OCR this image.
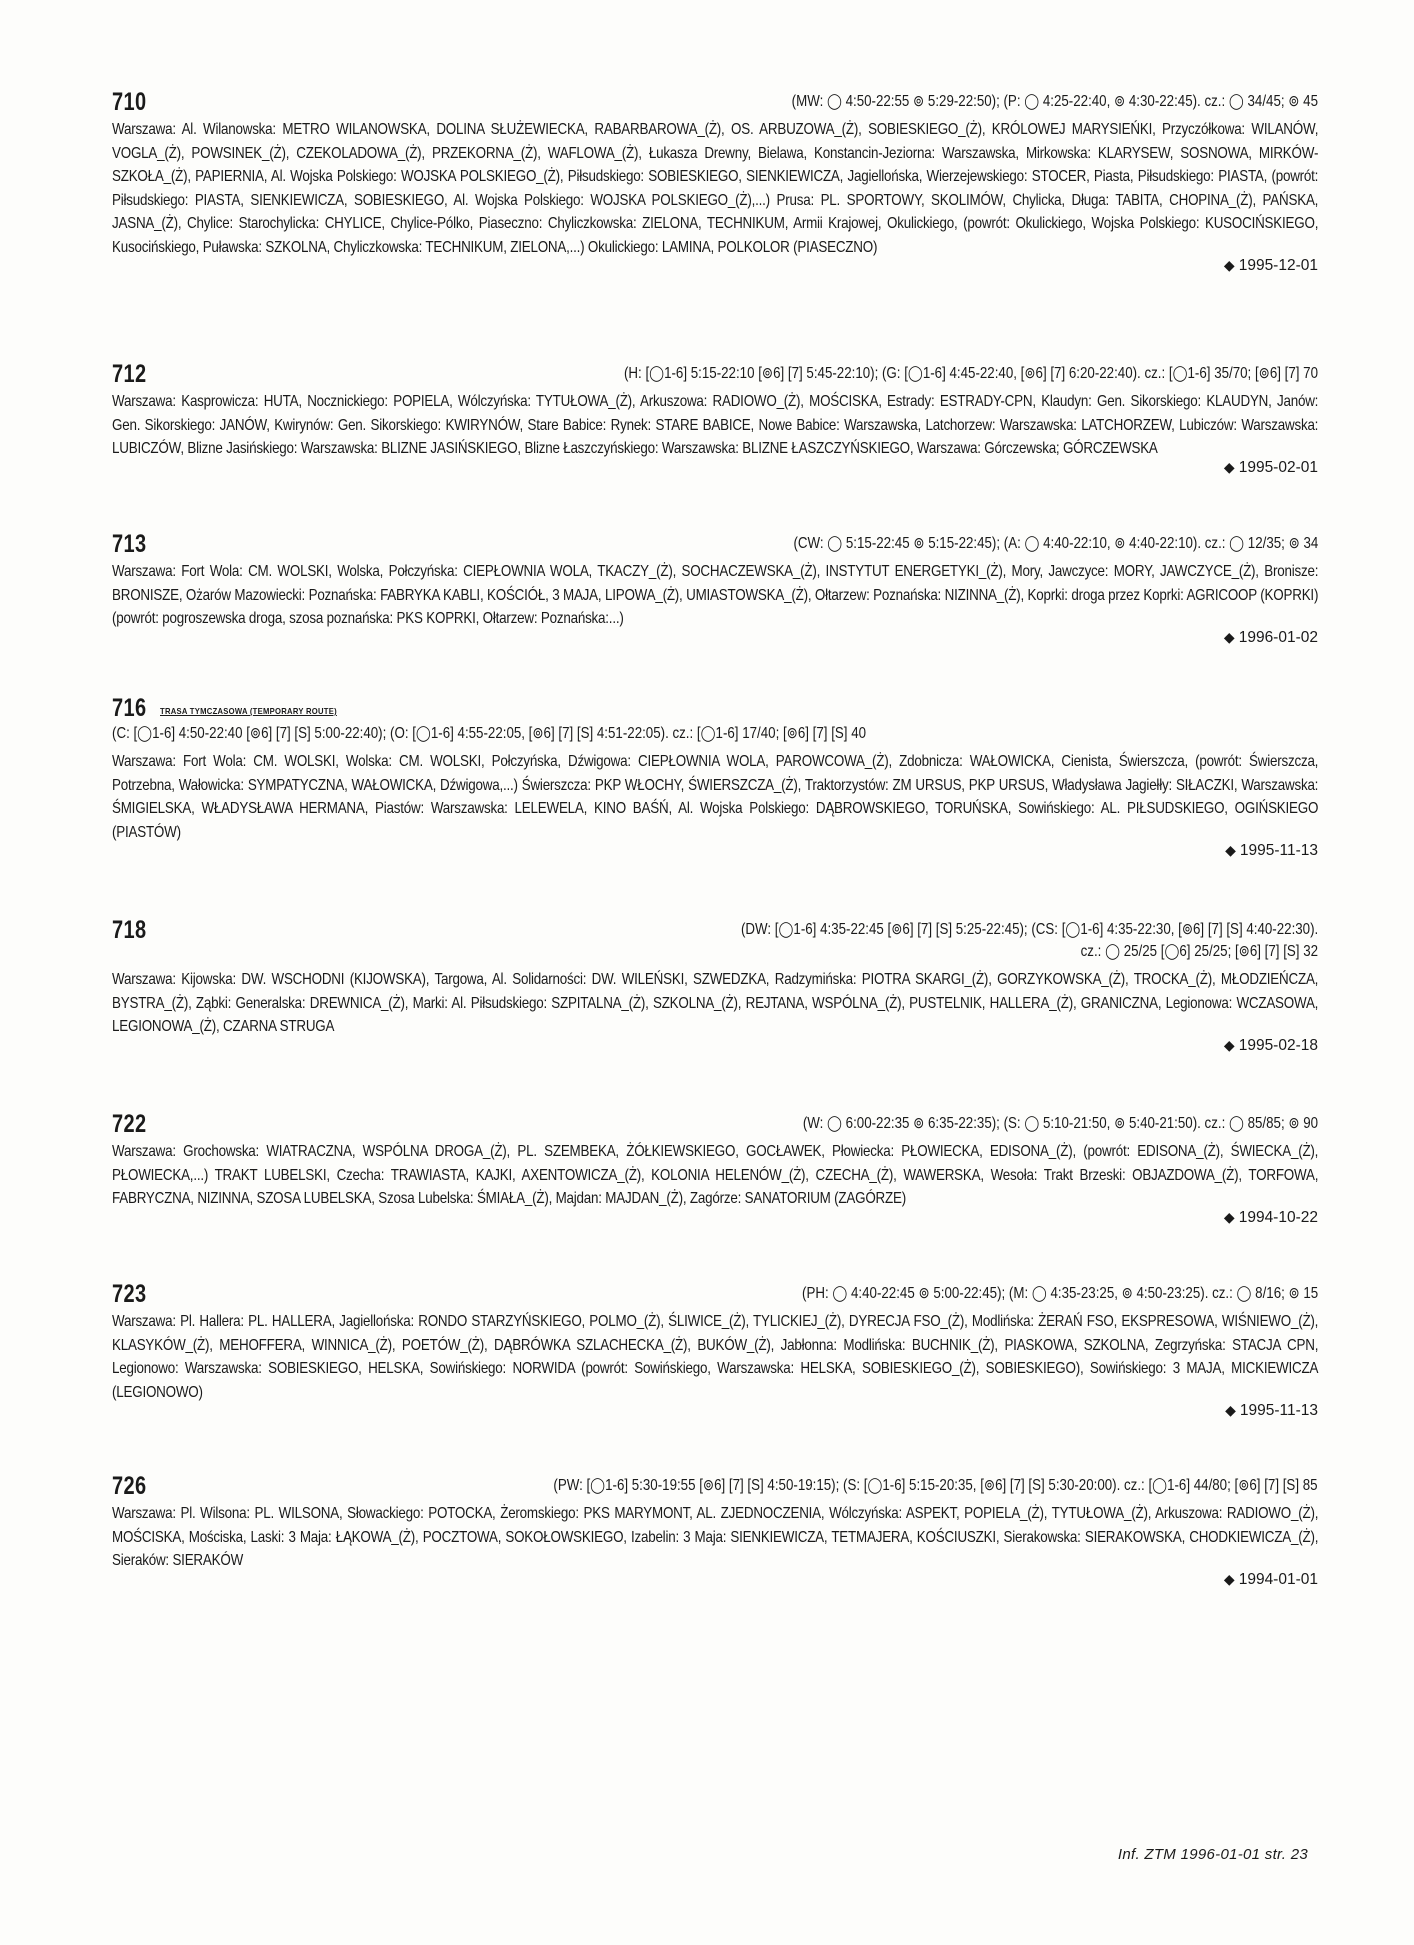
710	(MW: ◯ 4:50-22:55 ⊚ 5:29-22:50); (P: ◯ 4:25-22:40, ⊚ 4:30-22:45). cz.: ◯ 34/45; ⊚ 45
Warszawa: Al. Wilanowska: METRO WILANOWSKA, DOLINA SŁUŻEWIECKA, RABARBAROWA_(Ż), OS. ARBUZOWA_(Ż), SOBIESKIEGO_(Ż), KRÓLOWEJ MARYSIEŃKI, Przyczółkowa: WILANÓW, VOGLA_(Ż), POWSINEK_(Ż), CZEKOLADOWA_(Ż), PRZEKORNA_(Ż), WAFLOWA_(Ż), Łukasza Drewny, Bielawa, Konstancin-Jeziorna: Warszawska, Mirkowska: KLARYSEW, SOSNOWA, MIRKÓW-SZKOŁA_(Ż), PAPIERNIA, Al. Wojska Polskiego: WOJSKA POLSKIEGO_(Ż), Piłsudskiego: SOBIESKIEGO, SIENKIEWICZA, Jagiellońska, Wierzejewskiego: STOCER, Piasta, Piłsudskiego: PIASTA, (powrót: Piłsudskiego: PIASTA, SIENKIEWICZA, SOBIESKIEGO, Al. Wojska Polskiego: WOJSKA POLSKIEGO_(Ż),...) Prusa: PL. SPORTOWY, SKOLIMÓW, Chylicka, Długa: TABITA, CHOPINA_(Ż), PAŃSKA, JASNA_(Ż), Chylice: Starochylicka: CHYLICE, Chylice-Pólko, Piaseczno: Chyliczkowska: ZIELONA, TECHNIKUM, Armii Krajowej, Okulickiego, (powrót: Okulickiego, Wojska Polskiego: KUSOCIŃSKIEGO, Kusocińskiego, Puławska: SZKOLNA, Chyliczkowska: TECHNIKUM, ZIELONA,...) Okulickiego: LAMINA, POLKOLOR (PIASECZNO)
◆ 1995-12-01
712	(H: [◯1-6] 5:15-22:10 [⊚6] [7] 5:45-22:10); (G: [◯1-6] 4:45-22:40, [⊚6] [7] 6:20-22:40). cz.: [◯1-6] 35/70; [⊚6] [7] 70
Warszawa: Kasprowicza: HUTA, Nocznickiego: POPIELA, Wólczyńska: TYTUŁOWA_(Ż), Arkuszowa: RADIOWO_(Ż), MOŚCISKA, Estrady: ESTRADY-CPN, Klaudyn: Gen. Sikorskiego: KLAUDYN, Janów: Gen. Sikorskiego: JANÓW, Kwirynów: Gen. Sikorskiego: KWIRYNÓW, Stare Babice: Rynek: STARE BABICE, Nowe Babice: Warszawska, Latchorzew: Warszawska: LATCHORZEW, Lubiczów: Warszawska: LUBICZÓW, Blizne Jasińskiego: Warszawska: BLIZNE JASIŃSKIEGO, Blizne Łaszczyńskiego: Warszawska: BLIZNE ŁASZCZYŃSKIEGO, Warszawa: Górczewska; GÓRCZEWSKA
◆ 1995-02-01
713	(CW: ◯ 5:15-22:45 ⊚ 5:15-22:45); (A: ◯ 4:40-22:10, ⊚ 4:40-22:10). cz.: ◯ 12/35; ⊚ 34
Warszawa: Fort Wola: CM. WOLSKI, Wolska, Połczyńska: CIEPŁOWNIA WOLA, TKACZY_(Ż), SOCHACZEWSKA_(Ż), INSTYTUT ENERGETYKI_(Ż), Mory, Jawczyce: MORY, JAWCZYCE_(Ż), Bronisze: BRONISZE, Ożarów Mazowiecki: Poznańska: FABRYKA KABLI, KOŚCIÓŁ, 3 MAJA, LIPOWA_(Ż), UMIASTOWSKA_(Ż), Ołtarzew: Poznańska: NIZINNA_(Ż), Koprki: droga przez Koprki: AGRICOOP (KOPRKI) (powrót: pogroszewska droga, szosa poznańska: PKS KOPRKI, Ołtarzew: Poznańska:...)
◆ 1996-01-02
716 TRASA TYMCZASOWA (TEMPORARY ROUTE)
(C: [◯1-6] 4:50-22:40 [⊚6] [7] [S] 5:00-22:40); (O: [◯1-6] 4:55-22:05, [⊚6] [7] [S] 4:51-22:05). cz.: [◯1-6] 17/40; [⊚6] [7] [S] 40
Warszawa: Fort Wola: CM. WOLSKI, Wolska: CM. WOLSKI, Połczyńska, Dźwigowa: CIEPŁOWNIA WOLA, PAROWCOWA_(Ż), Zdobnicza: WAŁOWICKA, Cienista, Świerszcza, (powrót: Świerszcza, Potrzebna, Wałowicka: SYMPATYCZNA, WAŁOWICKA, Dźwigowa,...) Świerszcza: PKP WŁOCHY, ŚWIERSZCZA_(Ż), Traktorzystów: ZM URSUS, PKP URSUS, Władysława Jagiełły: SIŁACZKI, Warszawska: ŚMIGIELSKA, WŁADYSŁAWA HERMANA, Piastów: Warszawska: LELEWELA, KINO BAŚŃ, Al. Wojska Polskiego: DĄBROWSKIEGO, TORUŃSKA, Sowińskiego: AL. PIŁSUDSKIEGO, OGIŃSKIEGO (PIASTÓW)
◆ 1995-11-13
718	(DW: [◯1-6] 4:35-22:45 [⊚6] [7] [S] 5:25-22:45); (CS: [◯1-6] 4:35-22:30, [⊚6] [7] [S] 4:40-22:30).
cz.: ◯ 25/25 [◯6] 25/25; [⊚6] [7] [S] 32
Warszawa: Kijowska: DW. WSCHODNI (KIJOWSKA), Targowa, Al. Solidarności: DW. WILEŃSKI, SZWEDZKA, Radzymińska: PIOTRA SKARGI_(Ż), GORZYKOWSKA_(Ż), TROCKA_(Ż), MŁODZIEŃCZA, BYSTRA_(Ż), Ząbki: Generalska: DREWNICA_(Ż), Marki: Al. Piłsudskiego: SZPITALNA_(Ż), SZKOLNA_(Ż), REJTANA, WSPÓLNA_(Ż), PUSTELNIK, HALLERA_(Ż), GRANICZNA, Legionowa: WCZASOWA, LEGIONOWA_(Ż), CZARNA STRUGA
◆ 1995-02-18
722	(W: ◯ 6:00-22:35 ⊚ 6:35-22:35); (S: ◯ 5:10-21:50, ⊚ 5:40-21:50). cz.: ◯ 85/85; ⊚ 90
Warszawa: Grochowska: WIATRACZNA, WSPÓLNA DROGA_(Ż), PL. SZEMBEKA, ŻÓŁKIEWSKIEGO, GOCŁAWEK, Płowiecka: PŁOWIECKA, EDISONA_(Ż), (powrót: EDISONA_(Ż), ŚWIECKA_(Ż), PŁOWIECKA,...) TRAKT LUBELSKI, Czecha: TRAWIASTA, KAJKI, AXENTOWICZA_(Ż), KOLONIA HELENÓW_(Ż), CZECHA_(Ż), WAWERSKA, Wesoła: Trakt Brzeski: OBJAZDOWA_(Ż), TORFOWA, FABRYCZNA, NIZINNA, SZOSA LUBELSKA, Szosa Lubelska: ŚMIAŁA_(Ż), Majdan: MAJDAN_(Ż), Zagórze: SANATORIUM (ZAGÓRZE)
◆ 1994-10-22
723	(PH: ◯ 4:40-22:45 ⊚ 5:00-22:45); (M: ◯ 4:35-23:25, ⊚ 4:50-23:25). cz.: ◯ 8/16; ⊚ 15
Warszawa: Pl. Hallera: PL. HALLERA, Jagiellońska: RONDO STARZYŃSKIEGO, POLMO_(Ż), ŚLIWICE_(Ż), TYLICKIEJ_(Ż), DYRECJA FSO_(Ż), Modlińska: ŻERAŃ FSO, EKSPRESOWA, WIŚNIEWO_(Ż), KLASYKÓW_(Ż), MEHOFFERA, WINNICA_(Ż), POETÓW_(Ż), DĄBRÓWKA SZLACHECKA_(Ż), BUKÓW_(Ż), Jabłonna: Modlińska: BUCHNIK_(Ż), PIASKOWA, SZKOLNA, Zegrzyńska: STACJA CPN, Legionowo: Warszawska: SOBIESKIEGO, HELSKA, Sowińskiego: NORWIDA (powrót: Sowińskiego, Warszawska: HELSKA, SOBIESKIEGO_(Ż), SOBIESKIEGO), Sowińskiego: 3 MAJA, MICKIEWICZA (LEGIONOWO)
◆ 1995-11-13
726	(PW: [◯1-6] 5:30-19:55 [⊚6] [7] [S] 4:50-19:15); (S: [◯1-6] 5:15-20:35, [⊚6] [7] [S] 5:30-20:00). cz.: [◯1-6] 44/80; [⊚6] [7] [S] 85
Warszawa: Pl. Wilsona: PL. WILSONA, Słowackiego: POTOCKA, Żeromskiego: PKS MARYMONT, AL. ZJEDNOCZENIA, Wólczyńska: ASPEKT, POPIELA_(Ż), TYTUŁOWA_(Ż), Arkuszowa: RADIOWO_(Ż), MOŚCISKA, Mościska, Laski: 3 Maja: ŁĄKOWA_(Ż), POCZTOWA, SOKOŁOWSKIEGO, Izabelin: 3 Maja: SIENKIEWICZA, TETMAJERA, KOŚCIUSZKI, Sierakowska: SIERAKOWSKA, CHODKIEWICZA_(Ż), Sieraków: SIERAKÓW
◆ 1994-01-01
Inf. ZTM 1996-01-01 str. 23
